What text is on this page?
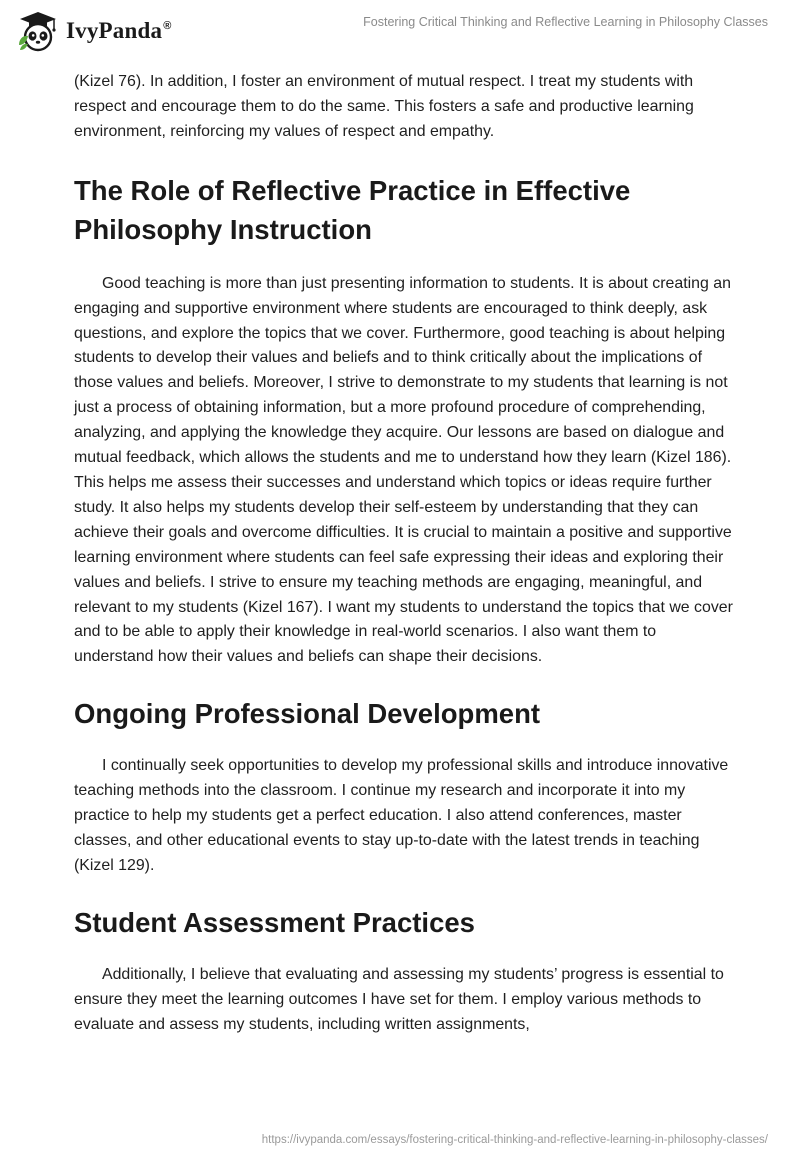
IvyPanda®	Fostering Critical Thinking and Reflective Learning in Philosophy Classes

(Kizel 76). In addition, I foster an environment of mutual respect. I treat my students with respect and encourage them to do the same. This fosters a safe and productive learning environment, reinforcing my values of respect and empathy.

The Role of Reflective Practice in Effective Philosophy Instruction

Good teaching is more than just presenting information to students. It is about creating an engaging and supportive environment where students are encouraged to think deeply, ask questions, and explore the topics that we cover. Furthermore, good teaching is about helping students to develop their values and beliefs and to think critically about the implications of those values and beliefs. Moreover, I strive to demonstrate to my students that learning is not just a process of obtaining information, but a more profound procedure of comprehending, analyzing, and applying the knowledge they acquire. Our lessons are based on dialogue and mutual feedback, which allows the students and me to understand how they learn (Kizel 186). This helps me assess their successes and understand which topics or ideas require further study. It also helps my students develop their self-esteem by understanding that they can achieve their goals and overcome difficulties. It is crucial to maintain a positive and supportive learning environment where students can feel safe expressing their ideas and exploring their values and beliefs. I strive to ensure my teaching methods are engaging, meaningful, and relevant to my students (Kizel 167). I want my students to understand the topics that we cover and to be able to apply their knowledge in real-world scenarios. I also want them to understand how their values and beliefs can shape their decisions.

Ongoing Professional Development

I continually seek opportunities to develop my professional skills and introduce innovative teaching methods into the classroom. I continue my research and incorporate it into my practice to help my students get a perfect education. I also attend conferences, master classes, and other educational events to stay up-to-date with the latest trends in teaching (Kizel 129).

Student Assessment Practices

Additionally, I believe that evaluating and assessing my students’ progress is essential to ensure they meet the learning outcomes I have set for them. I employ various methods to evaluate and assess my students, including written assignments,

https://ivypanda.com/essays/fostering-critical-thinking-and-reflective-learning-in-philosophy-classes/
